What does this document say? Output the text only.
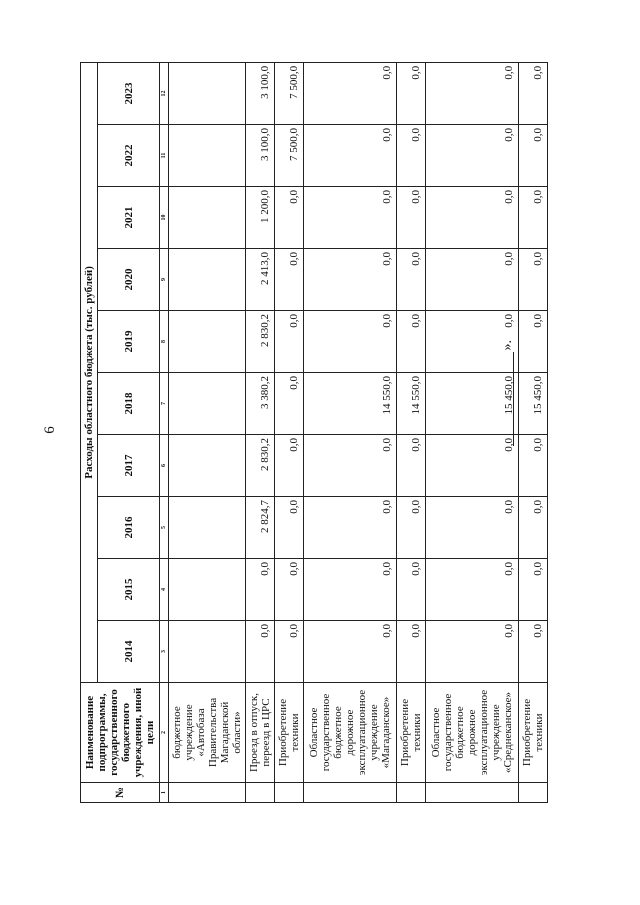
6
».
№	Наименование подпрограммы, государственного бюджетного учреждения, иной цели	Расходы областного бюджета (тыс. рублей)									
		2014	2015	2016	2017	2018	2019	2020	2021	2022	2023
1	2	3	4	5	6	7	8	9	10	11	12
	бюджетное учреждение «Автобаза Правительства Магаданской области»										
	Проезд в отпуск, переезд в ЦРС	0,0	0,0	2 824,7	2 830,2	3 380,2	2 830,2	2 413,0	1 200,0	3 100,0	3 100,0
	Приобретение техники	0,0	0,0	0,0	0,0	0,0	0,0	0,0	0,0	7 500,0	7 500,0
	Областное государственное бюджетное дорожное эксплуатационное учреждение «Магаданское»	0,0	0,0	0,0	0,0	14 550,0	0,0	0,0	0,0	0,0	0,0
	Приобретение техники	0,0	0,0	0,0	0,0	14 550,0	0,0	0,0	0,0	0,0	0,0
	Областное государственное бюджетное дорожное эксплуатационное учреждение «Среднеканское»	0,0	0,0	0,0	0,0	15 450,0	0,0	0,0	0,0	0,0	0,0
	Приобретение техники	0,0	0,0	0,0	0,0	15 450,0	0,0	0,0	0,0	0,0	0,0
